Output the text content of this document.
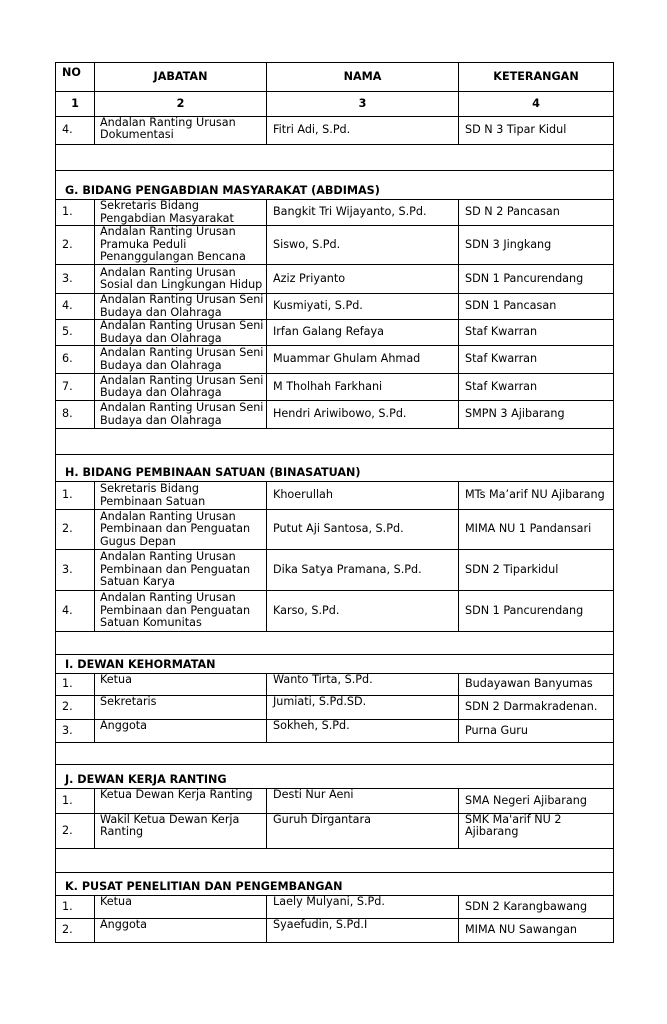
NO	JABATAN	NAMA	KETERANGAN
1	2	3	4
4.	Andalan Ranting Urusan Dokumentasi	Fitri Adi, S.Pd.	SD N 3 Tipar Kidul

G. BIDANG PENGABDIAN MASYARAKAT (ABDIMAS)			
1.	Sekretaris Bidang Pengabdian Masyarakat	Bangkit Tri Wijayanto, S.Pd.	SD N 2 Pancasan
2.	Andalan Ranting Urusan Pramuka Peduli Penanggulangan Bencana	Siswo, S.Pd.	SDN 3 Jingkang
3.	Andalan Ranting Urusan Sosial dan Lingkungan Hidup	Aziz Priyanto	SDN 1 Pancurendang
4.	Andalan Ranting Urusan Seni Budaya dan Olahraga	Kusmiyati, S.Pd.	SDN 1 Pancasan
5.	Andalan Ranting Urusan Seni Budaya dan Olahraga	Irfan Galang Refaya	Staf Kwarran
6.	Andalan Ranting Urusan Seni Budaya dan Olahraga	Muammar Ghulam Ahmad	Staf Kwarran
7.	Andalan Ranting Urusan Seni Budaya dan Olahraga	M Tholhah Farkhani	Staf Kwarran
8.	Andalan Ranting Urusan Seni Budaya dan Olahraga	Hendri Ariwibowo, S.Pd.	SMPN 3 Ajibarang

H. BIDANG PEMBINAAN SATUAN (BINASATUAN)			
1.	Sekretaris Bidang Pembinaan Satuan	Khoerullah	MTs Ma’arif NU Ajibarang
2.	Andalan Ranting Urusan Pembinaan dan Penguatan Gugus Depan	Putut Aji Santosa, S.Pd.	MIMA NU 1 Pandansari
3.	Andalan Ranting Urusan Pembinaan dan Penguatan Satuan Karya	Dika Satya Pramana, S.Pd.	SDN 2 Tiparkidul
4.	Andalan Ranting Urusan Pembinaan dan Penguatan Satuan Komunitas	Karso, S.Pd.	SDN 1 Pancurendang

I. DEWAN KEHORMATAN			
1.	Ketua	Wanto Tirta, S.Pd.	Budayawan Banyumas
2.	Sekretaris	Jumiati, S.Pd.SD.	SDN 2 Darmakradenan.
3.	Anggota	Sokheh, S.Pd.	Purna Guru

J. DEWAN KERJA RANTING			
1.	Ketua Dewan Kerja Ranting	Desti Nur Aeni	SMA Negeri Ajibarang
2.	Wakil Ketua Dewan Kerja Ranting	Guruh Dirgantara	SMK Ma'arif NU 2 Ajibarang

K. PUSAT PENELITIAN DAN PENGEMBANGAN			
1.	Ketua	Laely Mulyani, S.Pd.	SDN 2 Karangbawang
2.	Anggota	Syaefudin, S.Pd.I	MIMA NU Sawangan
